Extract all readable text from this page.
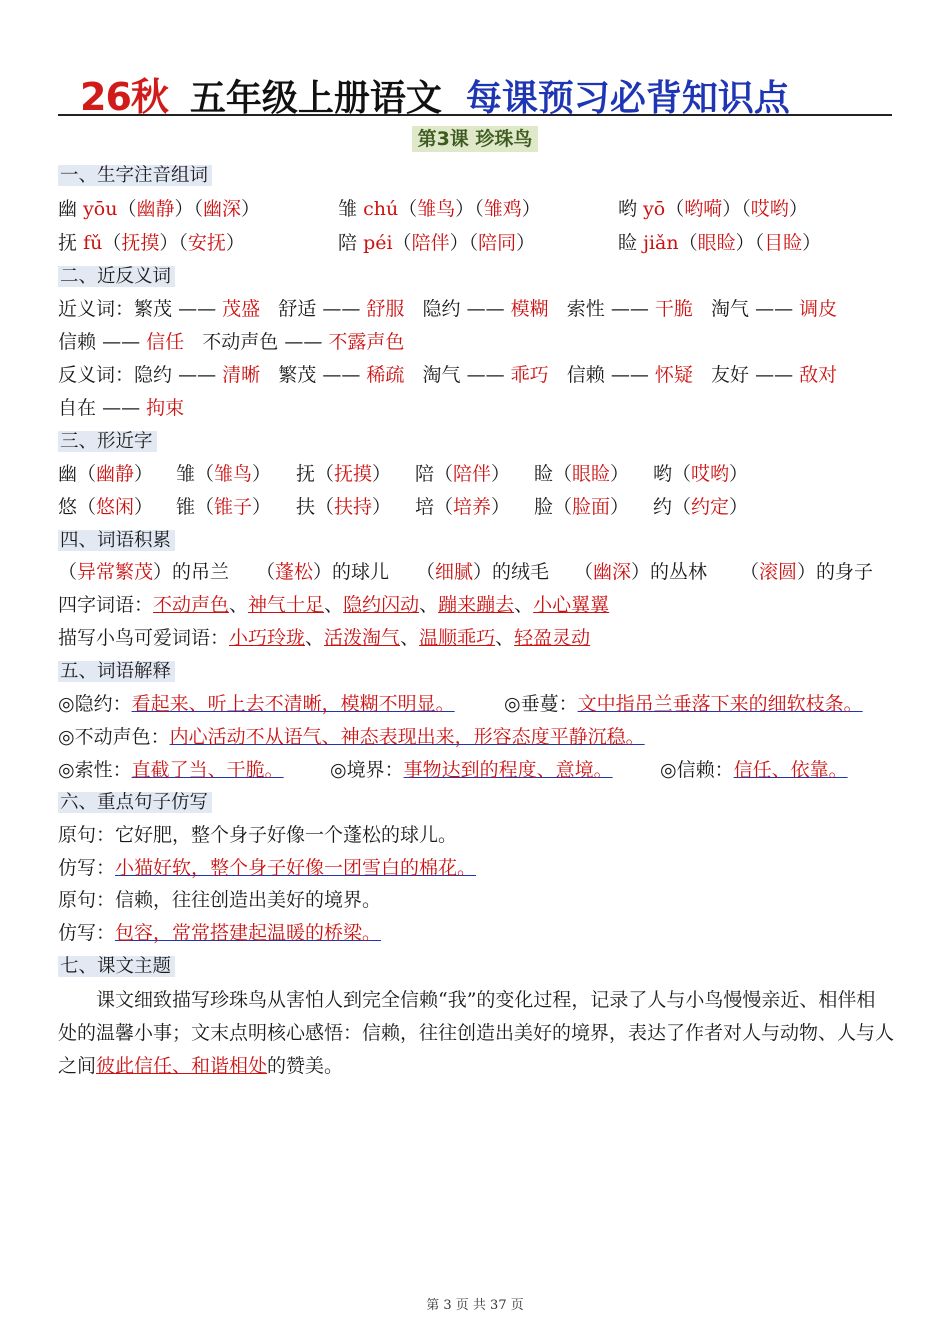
26秋 五年级上册语文 每课预习必背知识点
第3课 珍珠鸟
一、生字注音组词
幽 yōu（幽静）（幽深）	雏 chú（雏鸟）（雏鸡）	哟 yō（哟嗬）（哎哟）
抚 fǔ（抚摸）（安抚）	陪 péi（陪伴）（陪同）	睑 jiǎn（眼睑）（目睑）
二、近反义词
近义词：繁茂 —— 茂盛 舒适 —— 舒服 隐约 —— 模糊 索性 —— 干脆 淘气 —— 调皮
信赖 —— 信任 不动声色 —— 不露声色
反义词：隐约 —— 清晰 繁茂 —— 稀疏 淘气 —— 乖巧 信赖 —— 怀疑 友好 —— 敌对
自在 —— 拘束
三、形近字
幽（幽静） 雏（雏鸟） 抚（抚摸） 陪（陪伴） 睑（眼睑） 哟（哎哟）
悠（悠闲） 锥（锥子） 扶（扶持） 培（培养） 脸（脸面） 约（约定）
四、词语积累
（异常繁茂）的吊兰 （蓬松）的球儿 （细腻）的绒毛 （幽深）的丛林 （滚圆）的身子
四字词语：不动声色、神气十足、隐约闪动、蹦来蹦去、小心翼翼
描写小鸟可爱词语：小巧玲珑、活泼淘气、温顺乖巧、轻盈灵动
五、词语解释
◎隐约：看起来、听上去不清晰，模糊不明显。	◎垂蔓：文中指吊兰垂落下来的细软枝条。
◎不动声色：内心活动不从语气、神态表现出来，形容态度平静沉稳。
◎索性：直截了当、干脆。 ◎境界：事物达到的程度、意境。 ◎信赖：信任、依靠。
六、重点句子仿写
原句：它好肥，整个身子好像一个蓬松的球儿。
仿写：小猫好软，整个身子好像一团雪白的棉花。
原句：信赖，往往创造出美好的境界。
仿写：包容，常常搭建起温暖的桥梁。
七、课文主题
课文细致描写珍珠鸟从害怕人到完全信赖“我”的变化过程，记录了人与小鸟慢慢亲近、相伴相处的温馨小事；文末点明核心感悟：信赖，往往创造出美好的境界，表达了作者对人与动物、人与人之间彼此信任、和谐相处的赞美。
第 3 页 共 37 页
